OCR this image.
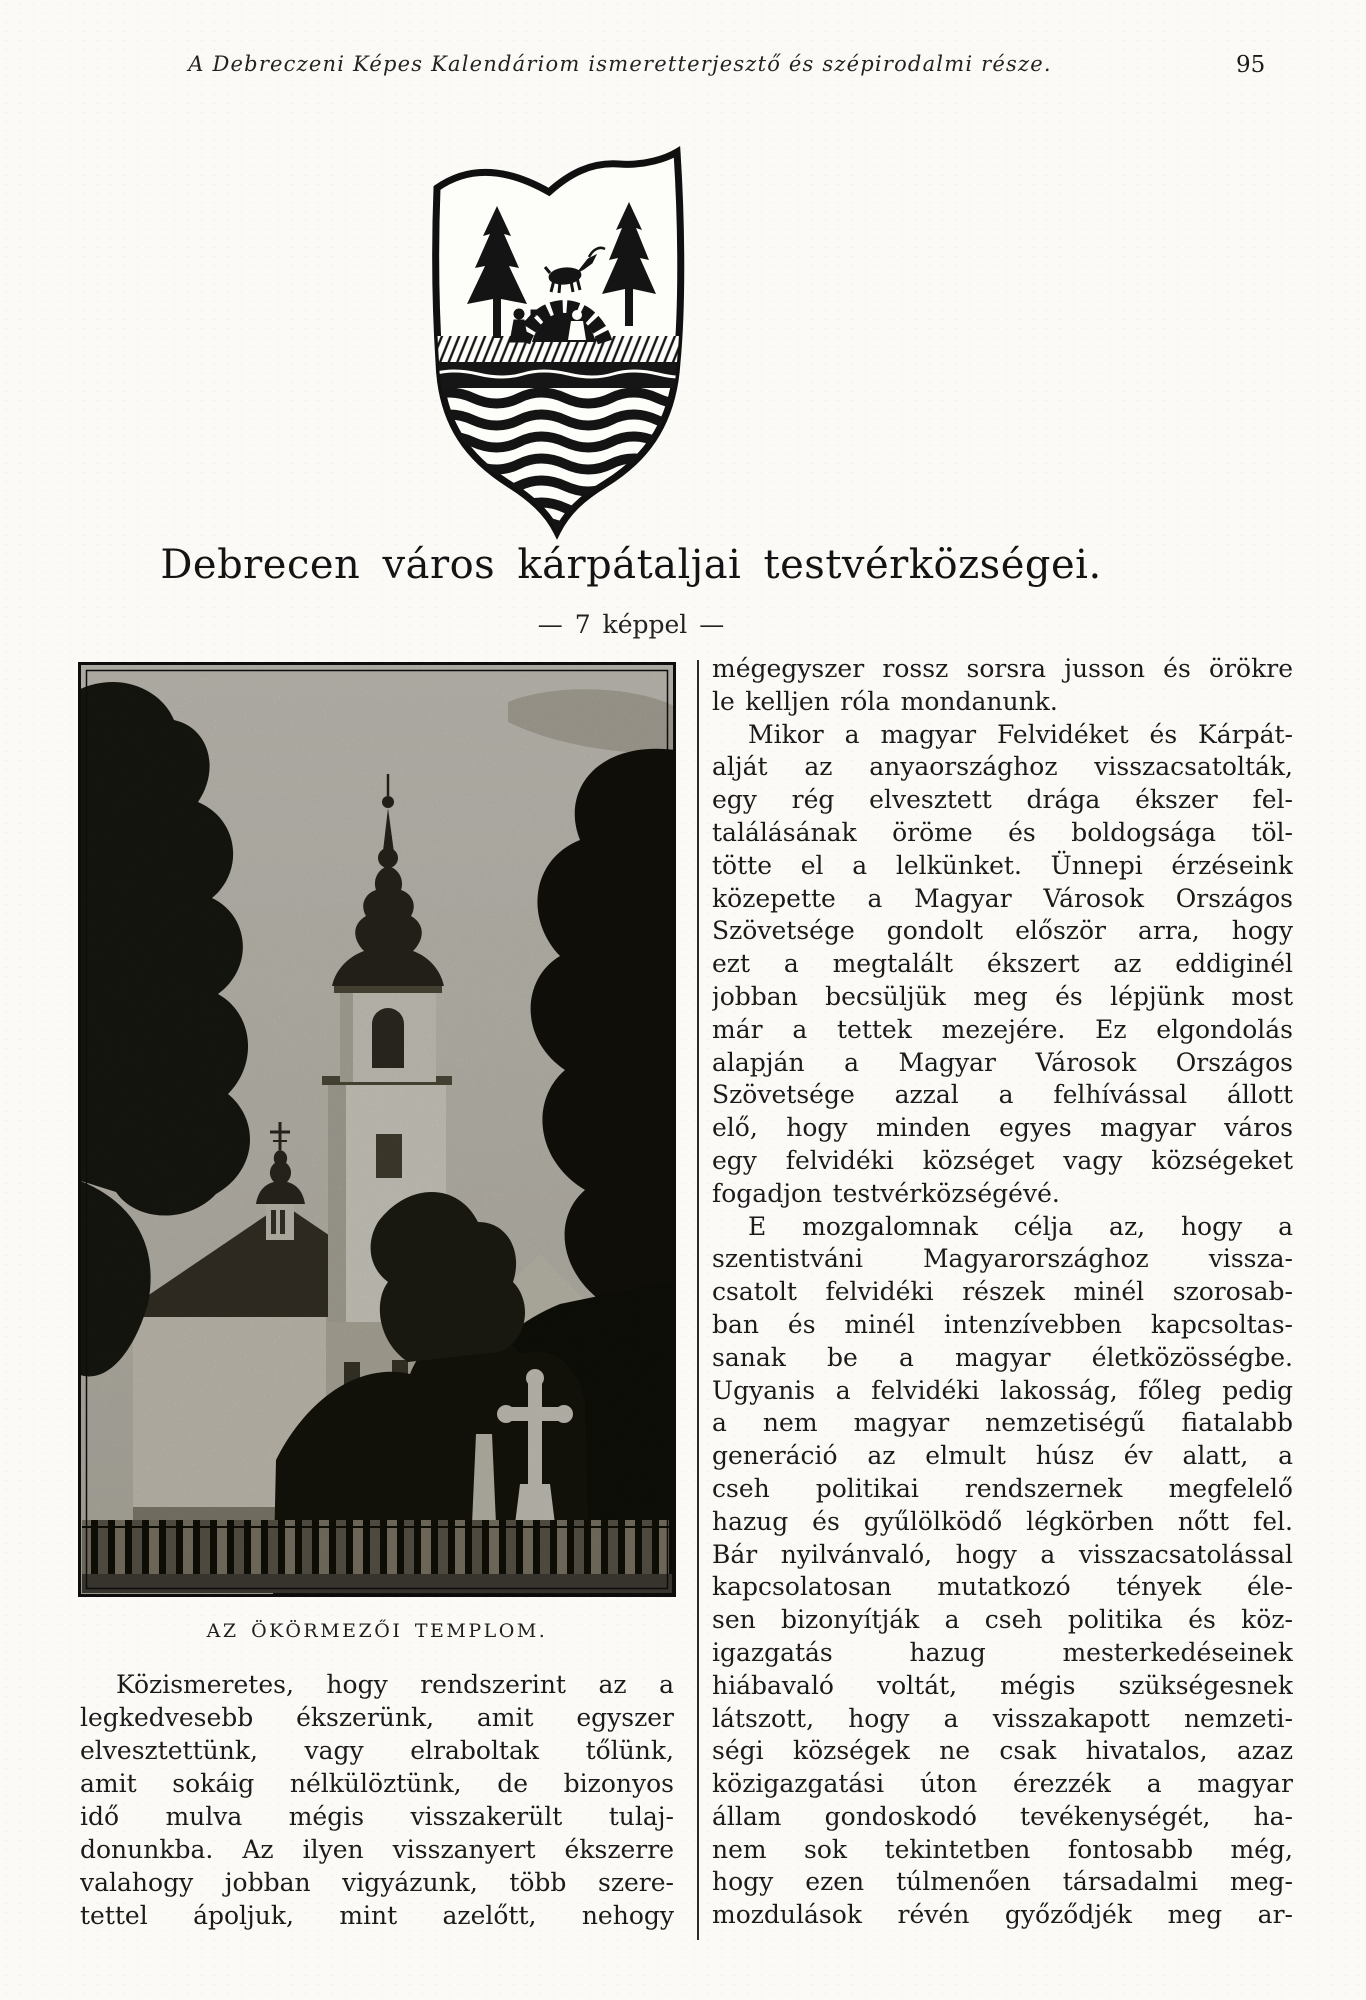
A Debreczeni Képes Kalendáriom ismeretterjesztő és szépirodalmi része.	95
Debrecen város kárpátaljai testvérközségei.
— 7 képpel —
AZ ÖKÖRMEZŐI TEMPLOM.
Közismeretes, hogy rendszerint az a
legkedvesebb ékszerünk, amit egyszer
elvesztettünk, vagy elraboltak tőlünk,
amit sokáig nélkülöztünk, de bizonyos
idő mulva mégis visszakerült tulaj-
donunkba. Az ilyen visszanyert ékszerre
valahogy jobban vigyázunk, több szere-
tettel ápoljuk, mint azelőtt, nehogy
mégegyszer rossz sorsra jusson és örökre
le kelljen róla mondanunk.
Mikor a magyar Felvidéket és Kárpát-
alját az anyaországhoz visszacsatolták,
egy rég elvesztett drága ékszer fel-
találásának öröme és boldogsága töl-
tötte el a lelkünket. Ünnepi érzéseink
közepette a Magyar Városok Országos
Szövetsége gondolt először arra, hogy
ezt a megtalált ékszert az eddiginél
jobban becsüljük meg és lépjünk most
már a tettek mezejére. Ez elgondolás
alapján a Magyar Városok Országos
Szövetsége azzal a felhívással állott
elő, hogy minden egyes magyar város
egy felvidéki községet vagy községeket
fogadjon testvérközségévé.
E mozgalomnak célja az, hogy a
szentistváni Magyarországhoz vissza-
csatolt felvidéki részek minél szorosab-
ban és minél intenzívebben kapcsoltas-
sanak be a magyar életközösségbe.
Ugyanis a felvidéki lakosság, főleg pedig
a nem magyar nemzetiségű fiatalabb
generáció az elmult húsz év alatt, a
cseh politikai rendszernek megfelelő
hazug és gyűlölködő légkörben nőtt fel.
Bár nyilvánvaló, hogy a visszacsatolással
kapcsolatosan mutatkozó tények éle-
sen bizonyítják a cseh politika és köz-
igazgatás hazug mesterkedéseinek
hiábavaló voltát, mégis szükségesnek
látszott, hogy a visszakapott nemzeti-
ségi községek ne csak hivatalos, azaz
közigazgatási úton érezzék a magyar
állam gondoskodó tevékenységét, ha-
nem sok tekintetben fontosabb még,
hogy ezen túlmenően társadalmi meg-
mozdulások révén győződjék meg ar-
